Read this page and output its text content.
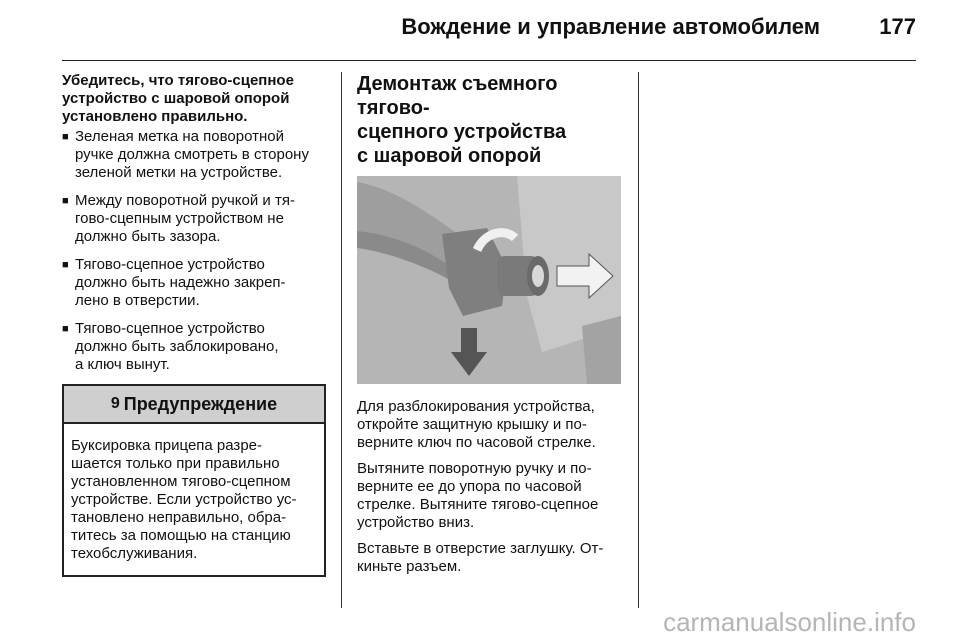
Вождение и управление автомобилем	177

Убедитесь, что тягово-сцепное
устройство с шаровой опорой
установлено правильно.

■ Зеленая метка на поворотной
ручке должна смотреть в сторону
зеленой метки на устройстве.
■ Между поворотной ручкой и тя-
гово-сцепным устройством не
должно быть зазора.
■ Тягово-сцепное устройство
должно быть надежно закреп-
лено в отверстии.
■ Тягово-сцепное устройство
должно быть заблокировано,
а ключ вынут.
9 Предупреждение
Буксировка прицепа разре-
шается только при правильно
установленном тягово-сцепном
устройстве. Если устройство ус-
тановлено неправильно, обра-
титесь за помощью на станцию
техобслуживания.
Демонтаж съемного тягово-
сцепного устройства
с шаровой опорой

Для разблокирования устройства,
откройте защитную крышку и по-
верните ключ по часовой стрелке.

Вытяните поворотную ручку и по-
верните ее до упора по часовой
стрелке. Вытяните тягово-сцепное
устройство вниз.

Вставьте в отверстие заглушку. От-
киньте разъем.

carmanualsonline.info
